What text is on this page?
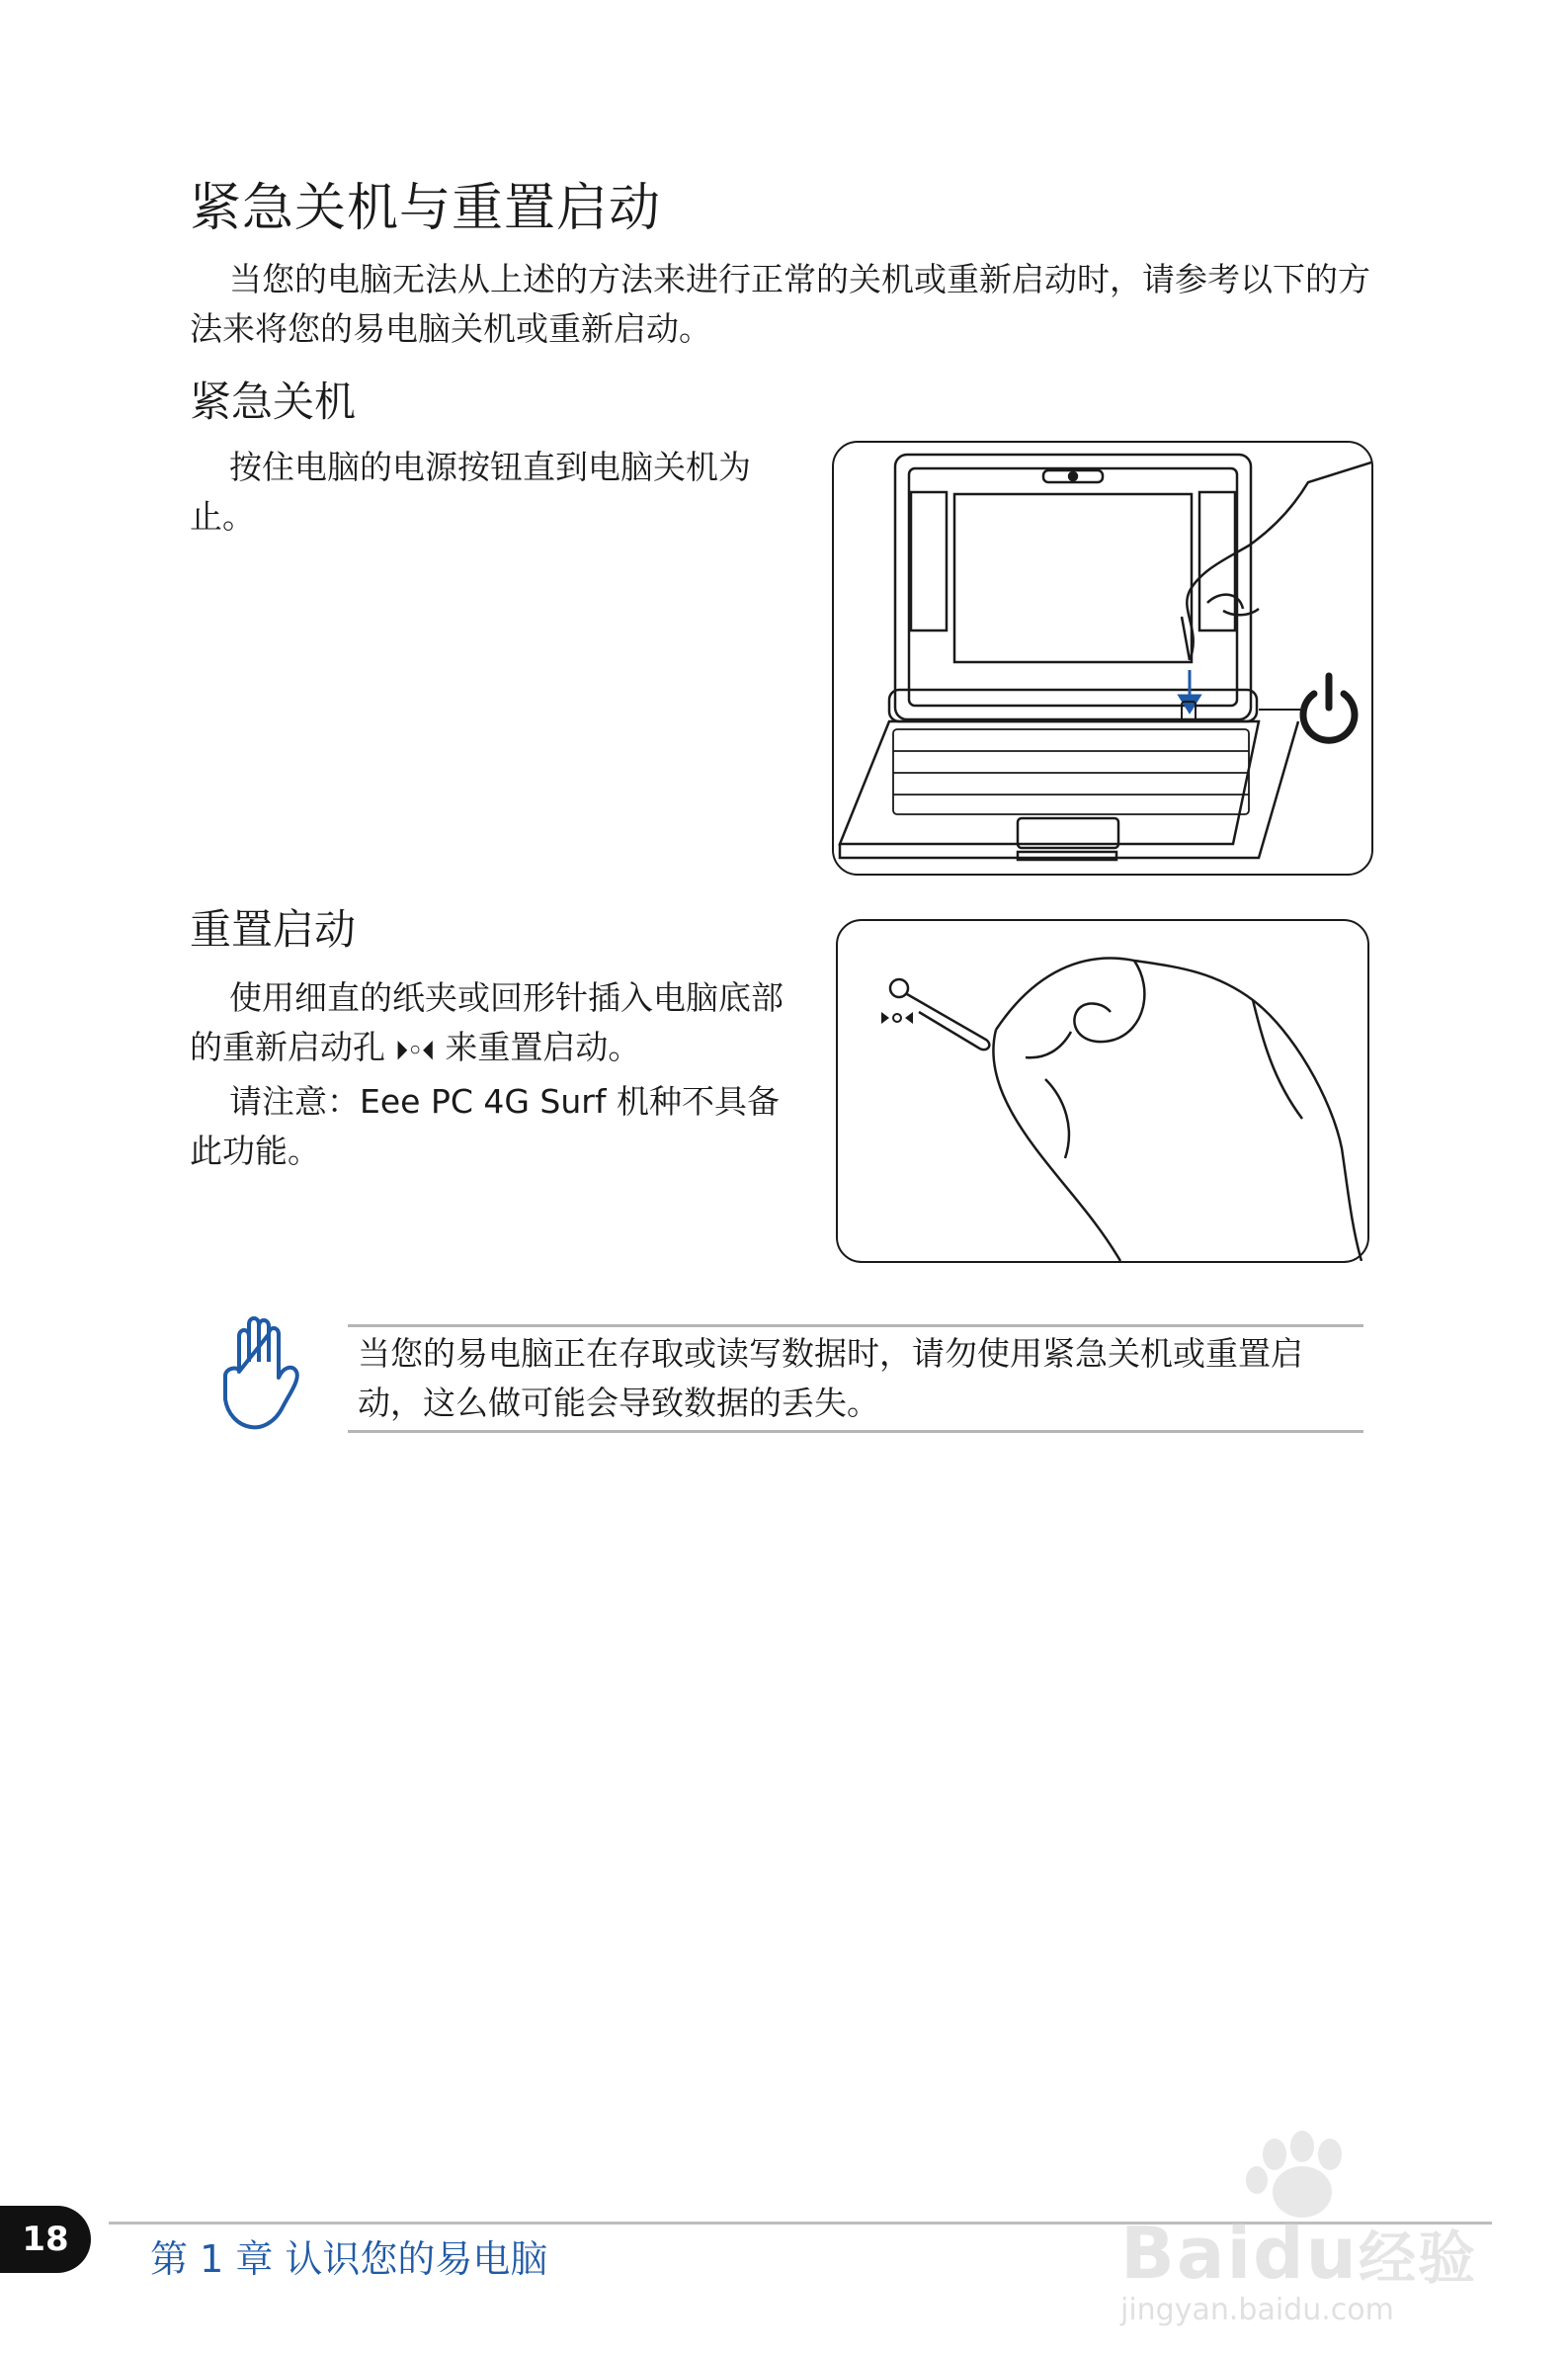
紧急关机与重置启动
当您的电脑无法从上述的方法来进行正常的关机或重新启动时，请参考以下的方法来将您的易电脑关机或重新启动。
紧急关机
按住电脑的电源按钮直到电脑关机为止。
重置启动
使用细直的纸夹或回形针插入电脑底部的重新启动孔 ⏵◦⏴ 来重置启动。
请注意：Eee PC 4G Surf 机种不具备此功能。
当您的易电脑正在存取或读写数据时，请勿使用紧急关机或重置启动，这么做可能会导致数据的丢失。
18	第 1 章 认识您的易电脑	Baidu经验
jingyan.baidu.com
